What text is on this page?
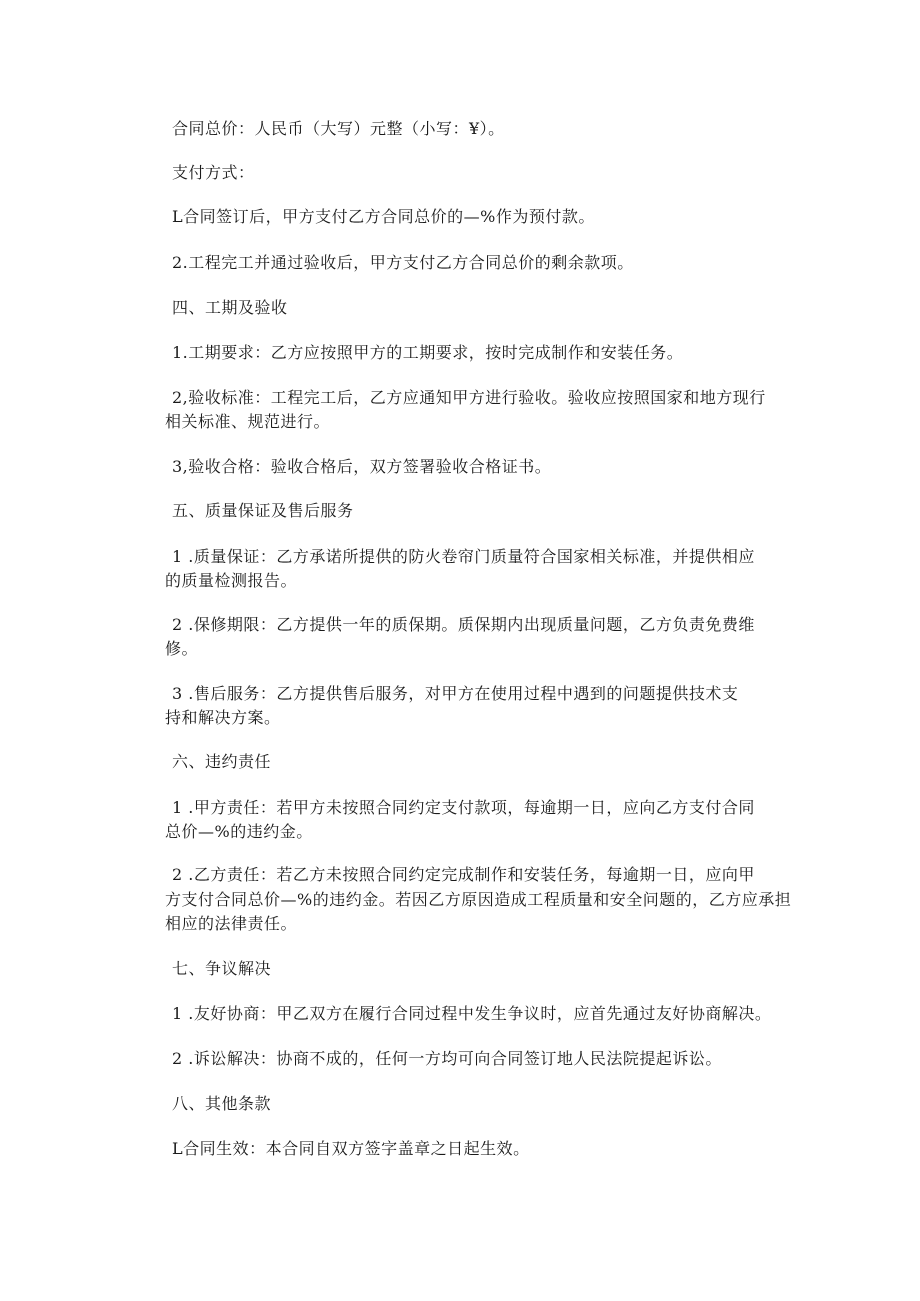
合同总价：人民币（大写）元整（小写：¥）。
支付方式：
L合同签订后，甲方支付乙方合同总价的—%作为预付款。
2.工程完工并通过验收后，甲方支付乙方合同总价的剩余款项。
四、工期及验收
1.工期要求：乙方应按照甲方的工期要求，按时完成制作和安装任务。
2,验收标准：工程完工后，乙方应通知甲方进行验收。验收应按照国家和地方现行
相关标准、规范进行。
3,验收合格：验收合格后，双方签署验收合格证书。
五、质量保证及售后服务
1 .质量保证：乙方承诺所提供的防火卷帘门质量符合国家相关标准，并提供相应
的质量检测报告。
2 .保修期限：乙方提供一年的质保期。质保期内出现质量问题，乙方负责免费维
修。
3 .售后服务：乙方提供售后服务，对甲方在使用过程中遇到的问题提供技术支
持和解决方案。
六、违约责任
1 .甲方责任：若甲方未按照合同约定支付款项，每逾期一日，应向乙方支付合同
总价—%的违约金。
2 .乙方责任：若乙方未按照合同约定完成制作和安装任务，每逾期一日，应向甲
方支付合同总价—%的违约金。若因乙方原因造成工程质量和安全问题的，乙方应承担
相应的法律责任。
七、争议解决
1 .友好协商：甲乙双方在履行合同过程中发生争议时，应首先通过友好协商解决。
2 .诉讼解决：协商不成的，任何一方均可向合同签订地人民法院提起诉讼。
八、其他条款
L合同生效：本合同自双方签字盖章之日起生效。
